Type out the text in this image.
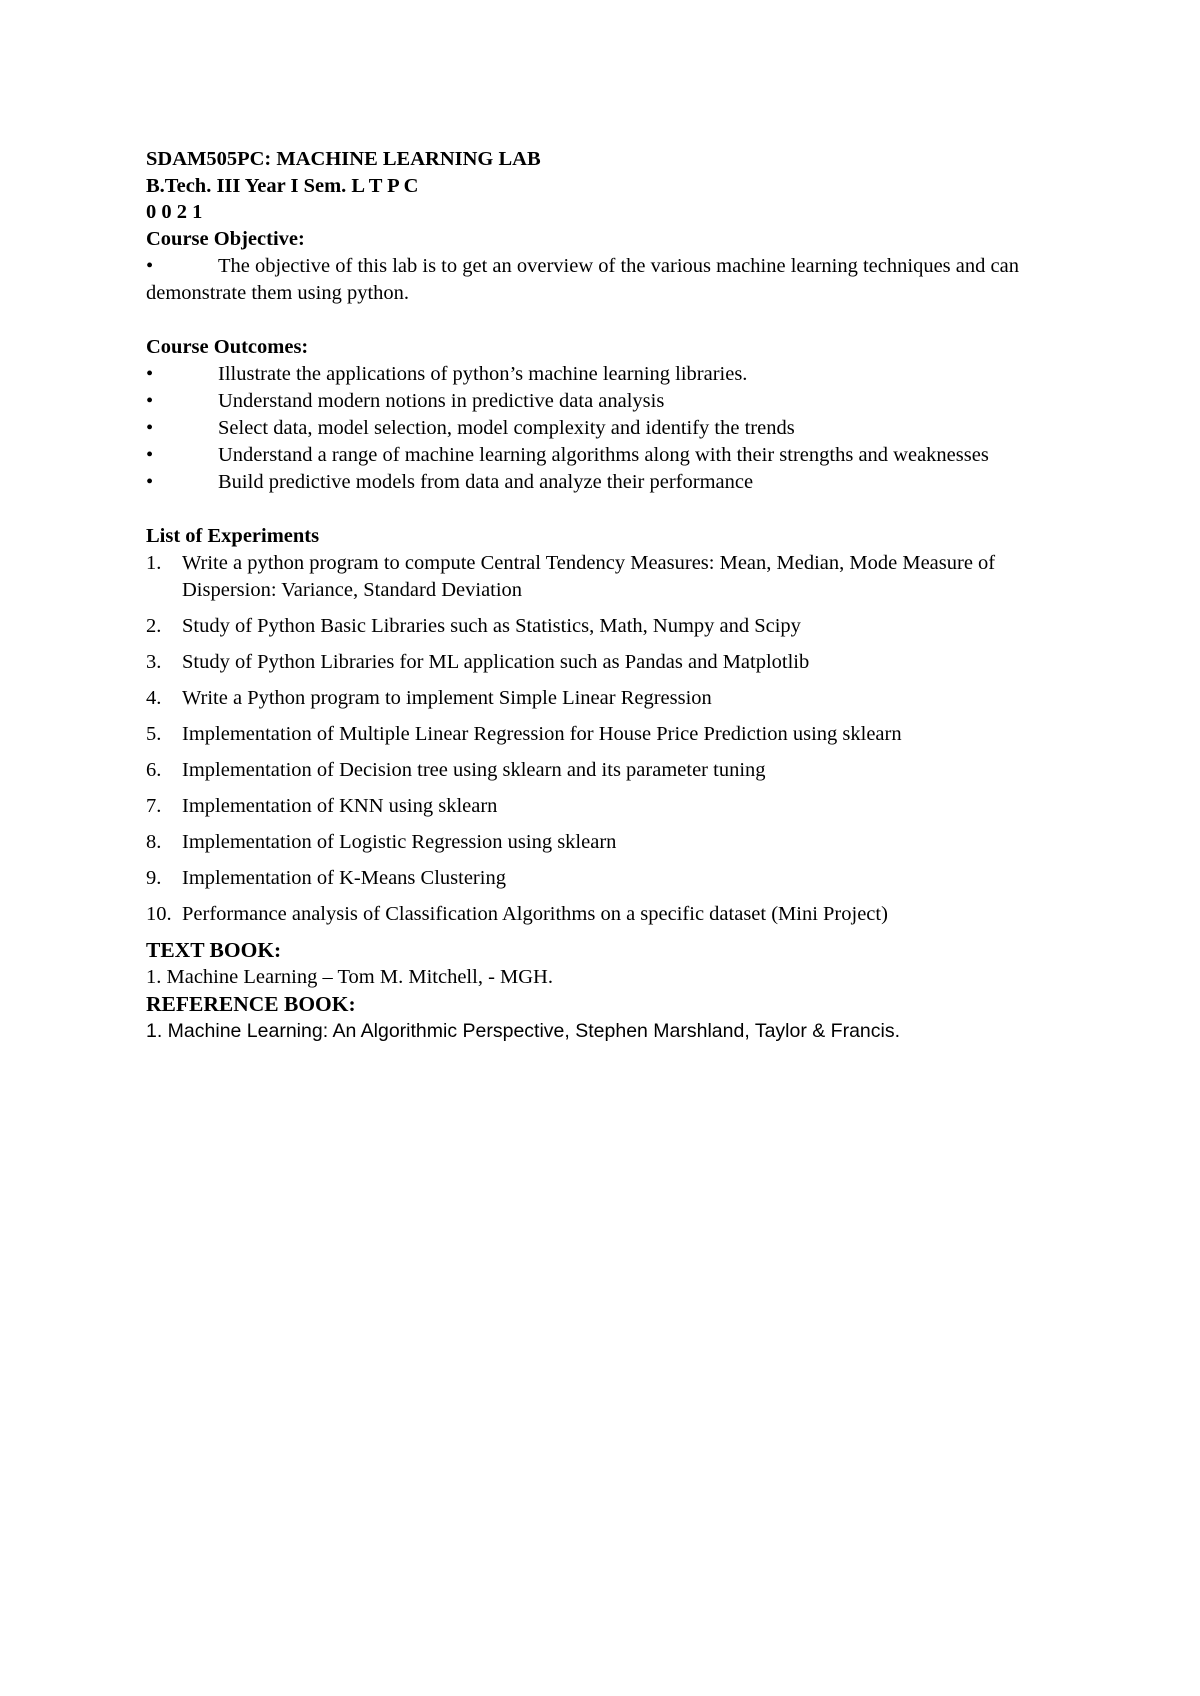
SDAM505PC: MACHINE LEARNING LAB
B.Tech. III Year I Sem. L T P C
0 0 2 1
Course Objective:
•	The objective of this lab is to get an overview of the various machine learning techniques and can demonstrate them using python.
Course Outcomes:
•	Illustrate the applications of python’s machine learning libraries.
•	Understand modern notions in predictive data analysis
•	Select data, model selection, model complexity and identify the trends
•	Understand a range of machine learning algorithms along with their strengths and weaknesses
•	Build predictive models from data and analyze their performance
List of Experiments
1.	Write a python program to compute Central Tendency Measures: Mean, Median, Mode Measure of Dispersion: Variance, Standard Deviation
2.	Study of Python Basic Libraries such as Statistics, Math, Numpy and Scipy
3.	Study of Python Libraries for ML application such as Pandas and Matplotlib
4.	Write a Python program to implement Simple Linear Regression
5.	Implementation of Multiple Linear Regression for House Price Prediction using sklearn
6.	Implementation of Decision tree using sklearn and its parameter tuning
7.	Implementation of KNN using sklearn
8.	Implementation of Logistic Regression using sklearn
9.	Implementation of K-Means Clustering
10. Performance analysis of Classification Algorithms on a specific dataset (Mini Project)
TEXT BOOK:
1. Machine Learning – Tom M. Mitchell, - MGH.
REFERENCE BOOK:
1. Machine Learning: An Algorithmic Perspective, Stephen Marshland, Taylor & Francis.
